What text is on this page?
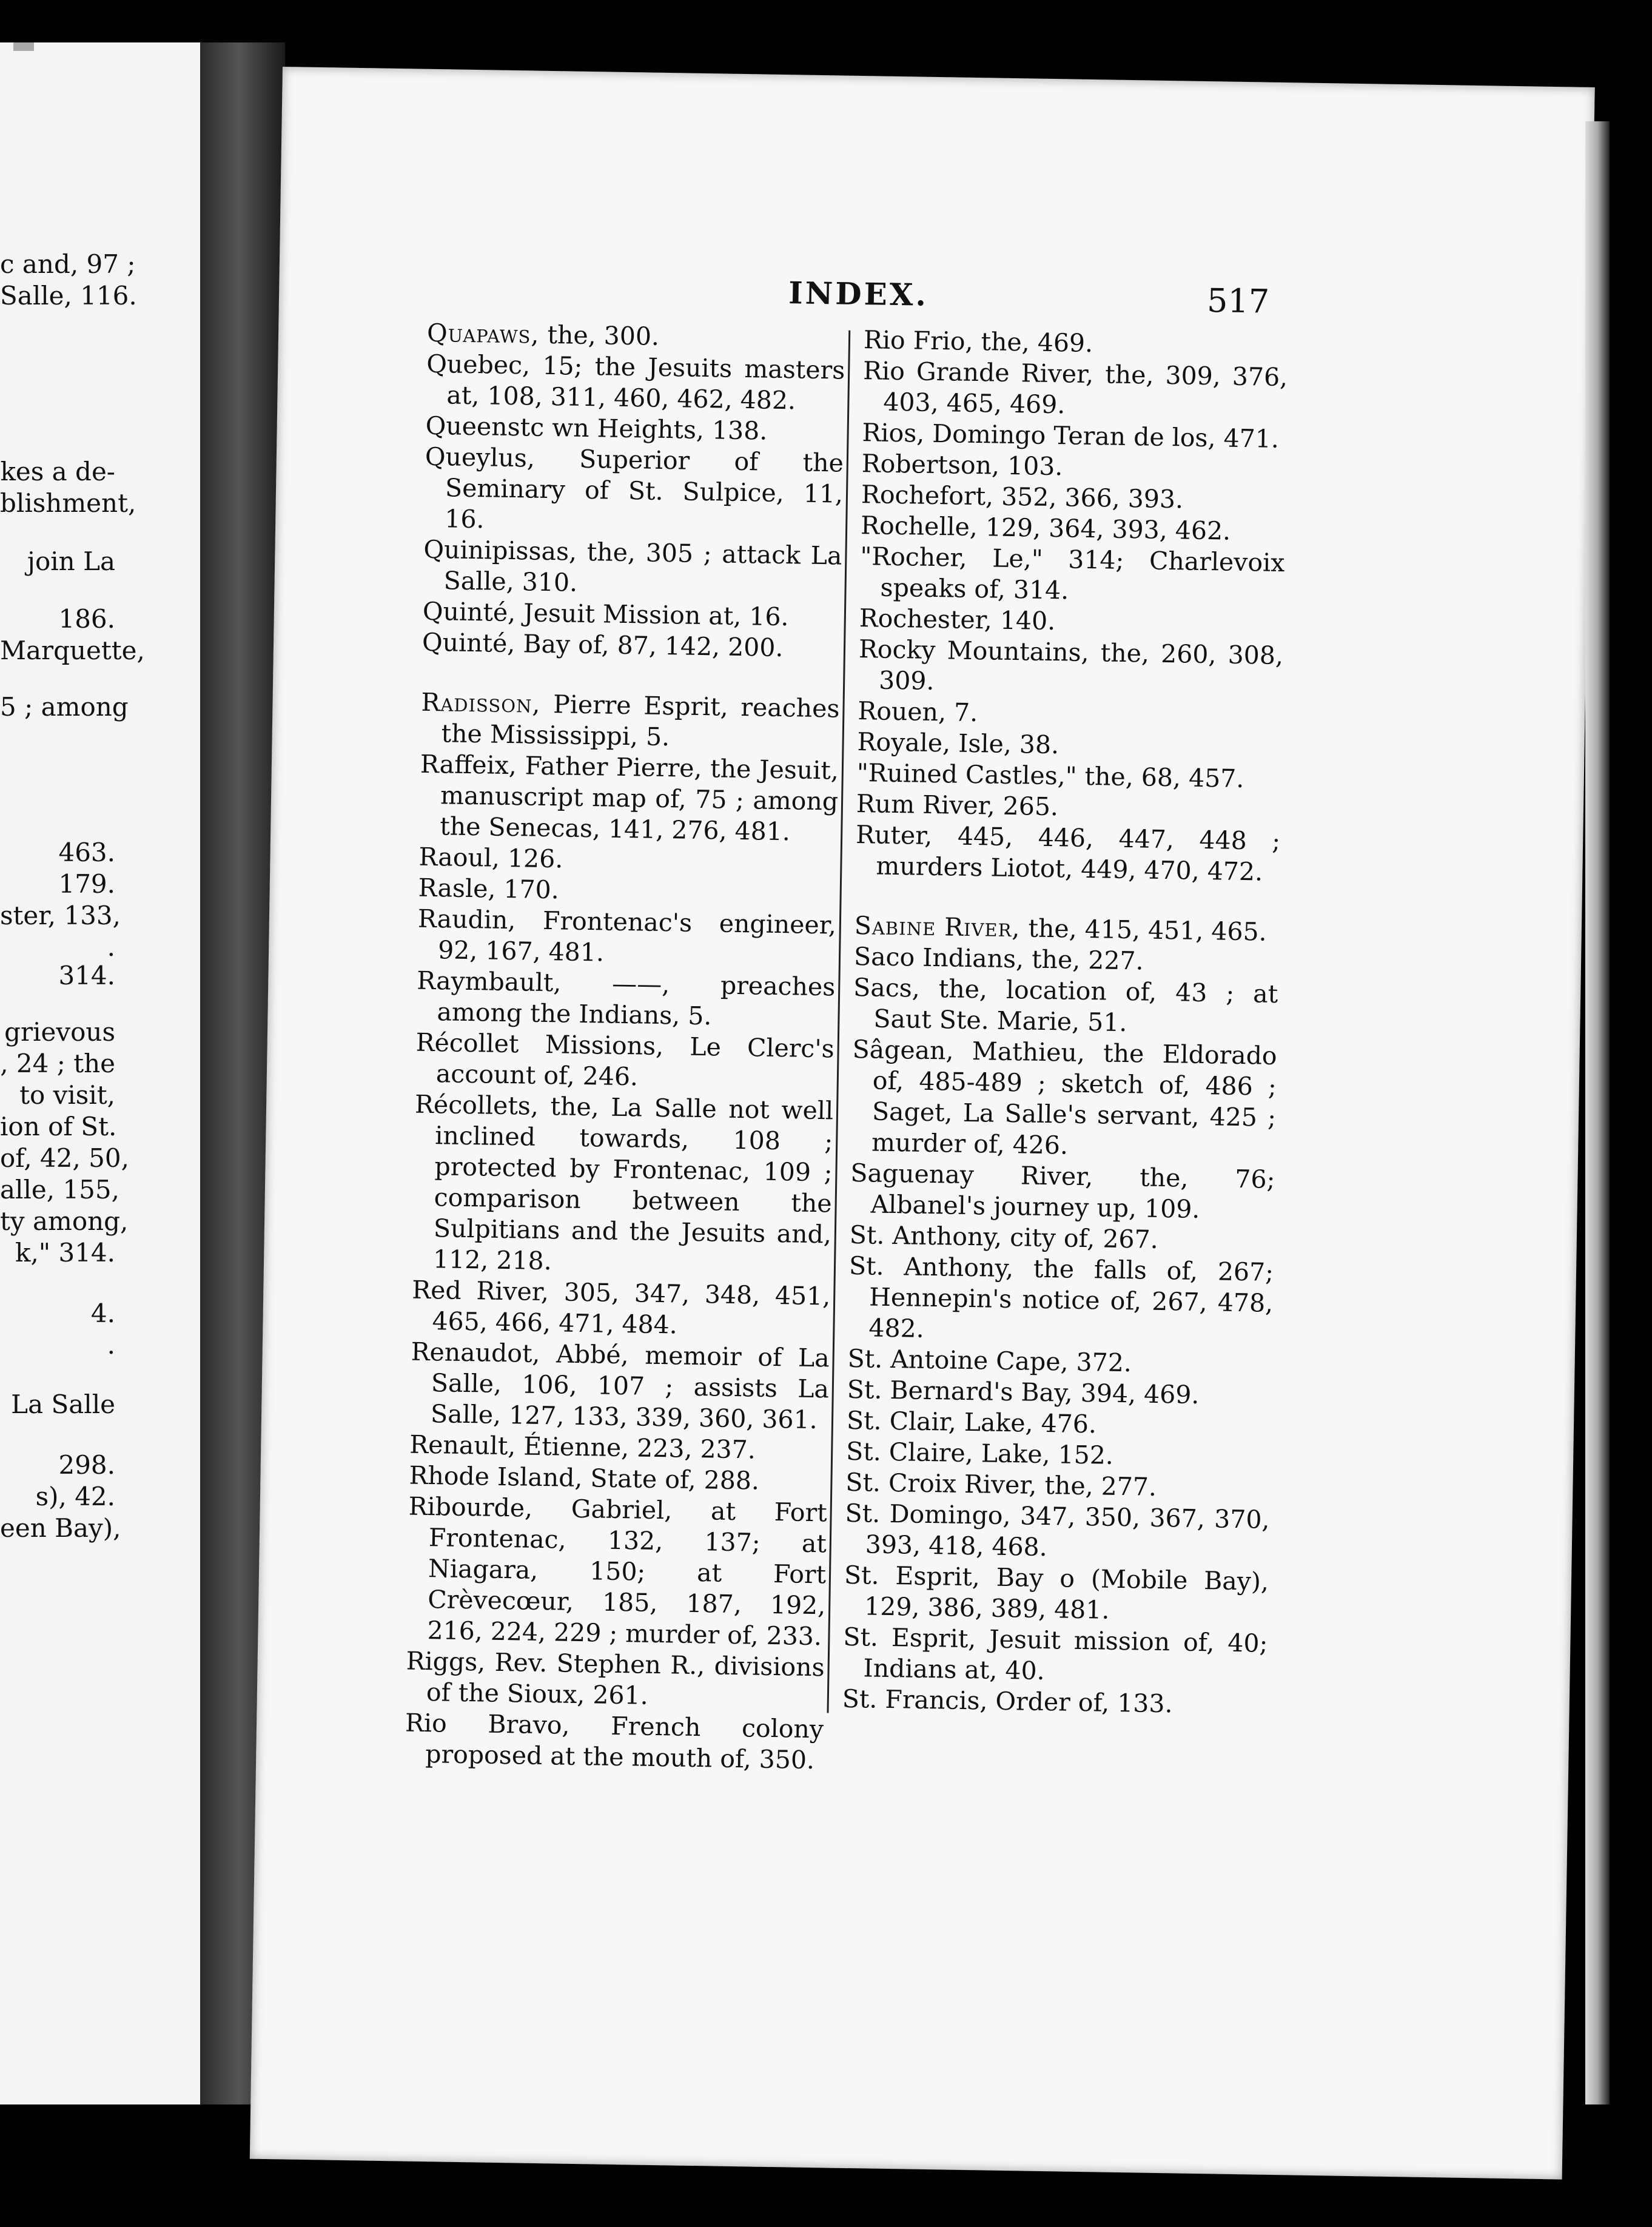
c and, 97 ;
Salle, 116.
kes a de-
blishment,
join La
186.
Marquette,
5 ; among
463.
179.
ster, 133,
.
314.
grievous
, 24 ; the
to visit,
ion of St.
of, 42, 50,
alle, 155,
ty among,
k," 314.
4.
.
La Salle
298.
s), 42.
een Bay),
INDEX.	517

Quapaws, the, 300.

Quebec, 15; the Jesuits masters at, 108, 311, 460, 462, 482.

Queenstc wn Heights, 138.

Queylus, Superior of the Seminary of St. Sulpice, 11, 16.

Quinipissas, the, 305 ; attack La Salle, 310.

Quinté, Jesuit Mission at, 16.

Quinté, Bay of, 87, 142, 200.

Radisson, Pierre Esprit, reaches the Mississippi, 5.

Raffeix, Father Pierre, the Jesuit, manuscript map of, 75 ; among the Senecas, 141, 276, 481.

Raoul, 126.

Rasle, 170.

Raudin, Frontenac's engineer, 92, 167, 481.

Raymbault, ——, preaches among the Indians, 5.

Récollet Missions, Le Clerc's account of, 246.

Récollets, the, La Salle not well inclined towards, 108 ; protected by Frontenac, 109 ; comparison between the Sulpitians and the Jesuits and, 112, 218.

Red River, 305, 347, 348, 451, 465, 466, 471, 484.

Renaudot, Abbé, memoir of La Salle, 106, 107 ; assists La Salle, 127, 133, 339, 360, 361.

Renault, Étienne, 223, 237.

Rhode Island, State of, 288.

Ribourde, Gabriel, at Fort Frontenac, 132, 137; at Niagara, 150; at Fort Crèvecœur, 185, 187, 192, 216, 224, 229 ; murder of, 233.

Riggs, Rev. Stephen R., divisions of the Sioux, 261.

Rio Bravo, French colony proposed at the mouth of, 350.

Rio Frio, the, 469.

Rio Grande River, the, 309, 376, 403, 465, 469.

Rios, Domingo Teran de los, 471.

Robertson, 103.

Rochefort, 352, 366, 393.

Rochelle, 129, 364, 393, 462.

"Rocher, Le," 314; Charlevoix speaks of, 314.

Rochester, 140.

Rocky Mountains, the, 260, 308, 309.

Rouen, 7.

Royale, Isle, 38.

"Ruined Castles," the, 68, 457.

Rum River, 265.

Ruter, 445, 446, 447, 448 ; murders Liotot, 449, 470, 472.

Sabine River, the, 415, 451, 465.

Saco Indians, the, 227.

Sacs, the, location of, 43 ; at Saut Ste. Marie, 51.

Sâgean, Mathieu, the Eldorado of, 485-489 ; sketch of, 486 ; Saget, La Salle's servant, 425 ; murder of, 426.

Saguenay River, the, 76; Albanel's journey up, 109.

St. Anthony, city of, 267.

St. Anthony, the falls of, 267; Hennepin's notice of, 267, 478, 482.

St. Antoine Cape, 372.

St. Bernard's Bay, 394, 469.

St. Clair, Lake, 476.

St. Claire, Lake, 152.

St. Croix River, the, 277.

St. Domingo, 347, 350, 367, 370, 393, 418, 468.

St. Esprit, Bay o (Mobile Bay), 129, 386, 389, 481.

St. Esprit, Jesuit mission of, 40; Indians at, 40.

St. Francis, Order of, 133.
